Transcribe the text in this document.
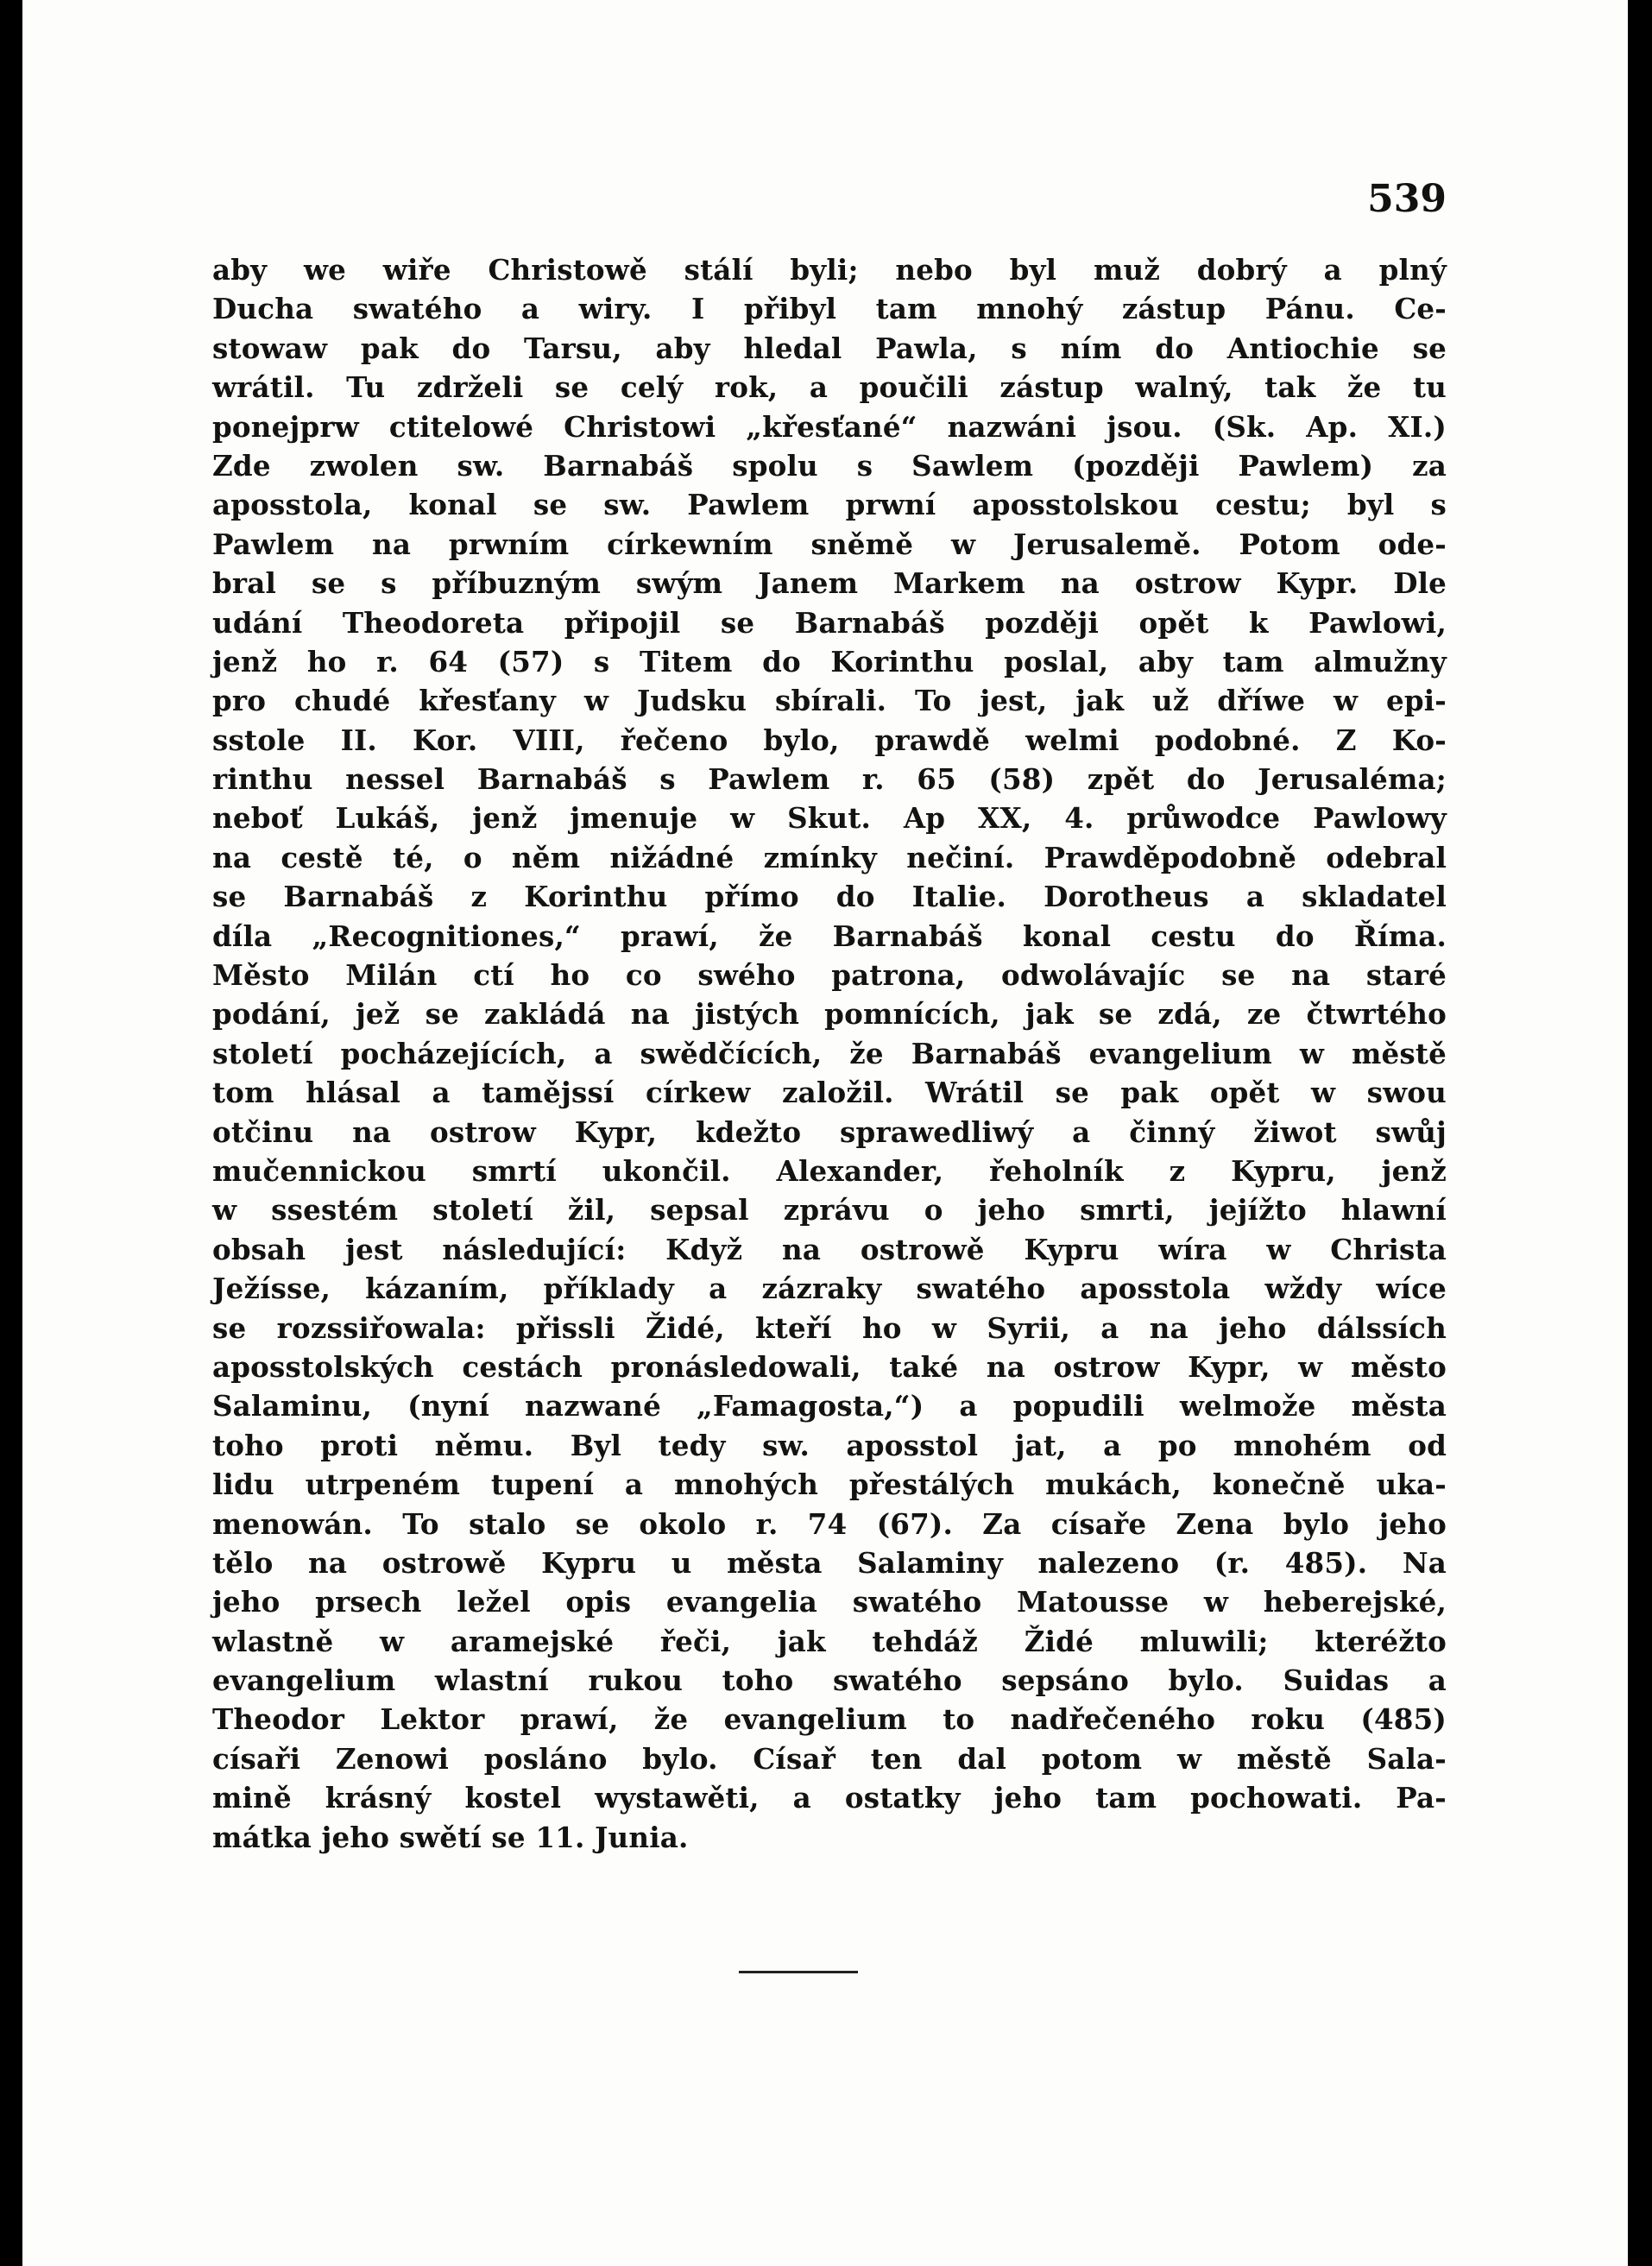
539
aby we wiře Christowě stálí byli; nebo byl muž dobrý a plný
Ducha swatého a wiry. I přibyl tam mnohý zástup Pánu. Ce-
stowaw pak do Tarsu, aby hledal Pawla, s ním do Antiochie se
wrátil. Tu zdrželi se celý rok, a poučili zástup walný, tak že tu
ponejprw ctitelowé Christowi „křesťané“ nazwáni jsou. (Sk. Ap. XI.)
Zde zwolen sw. Barnabáš spolu s Sawlem (později Pawlem) za
aposstola, konal se sw. Pawlem prwní aposstolskou cestu; byl s
Pawlem na prwním církewním sněmě w Jerusalemě. Potom ode-
bral se s příbuzným swým Janem Markem na ostrow Kypr. Dle
udání Theodoreta připojil se Barnabáš později opět k Pawlowi,
jenž ho r. 64 (57) s Titem do Korinthu poslal, aby tam almužny
pro chudé křesťany w Judsku sbírali. To jest, jak už dříwe w epi-
sstole II. Kor. VIII, řečeno bylo, prawdě welmi podobné. Z Ko-
rinthu nessel Barnabáš s Pawlem r. 65 (58) zpět do Jerusaléma;
neboť Lukáš, jenž jmenuje w Skut. Ap XX, 4. průwodce Pawlowy
na cestě té, o něm nižádné zmínky nečiní. Prawděpodobně odebral
se Barnabáš z Korinthu přímo do Italie. Dorotheus a skladatel
díla „Recognitiones,“ prawí, že Barnabáš konal cestu do Říma.
Město Milán ctí ho co swého patrona, odwolávajíc se na staré
podání, jež se zakládá na jistých pomnících, jak se zdá, ze čtwrtého
století pocházejících, a swědčících, že Barnabáš evangelium w městě
tom hlásal a tamějssí církew založil. Wrátil se pak opět w swou
otčinu na ostrow Kypr, kdežto sprawedliwý a činný žiwot swůj
mučennickou smrtí ukončil. Alexander, řeholník z Kypru, jenž
w ssestém století žil, sepsal zprávu o jeho smrti, jejížto hlawní
obsah jest následující: Když na ostrowě Kypru wíra w Christa
Ježísse, kázaním, příklady a zázraky swatého aposstola wždy wíce
se rozssiřowala: přissli Židé, kteří ho w Syrii, a na jeho dálssích
aposstolských cestách pronásledowali, také na ostrow Kypr, w město
Salaminu, (nyní nazwané „Famagosta,“) a popudili welmože města
toho proti němu. Byl tedy sw. aposstol jat, a po mnohém od
lidu utrpeném tupení a mnohých přestálých mukách, konečně uka-
menowán. To stalo se okolo r. 74 (67). Za císaře Zena bylo jeho
tělo na ostrowě Kypru u města Salaminy nalezeno (r. 485). Na
jeho prsech ležel opis evangelia swatého Matousse w heberejské,
wlastně w aramejské řeči, jak tehdáž Židé mluwili; kteréžto
evangelium wlastní rukou toho swatého sepsáno bylo. Suidas a
Theodor Lektor prawí, že evangelium to nadřečeného roku (485)
císaři Zenowi posláno bylo. Císař ten dal potom w městě Sala-
mině krásný kostel wystawěti, a ostatky jeho tam pochowati. Pa-
mátka jeho swětí se 11. Junia.
